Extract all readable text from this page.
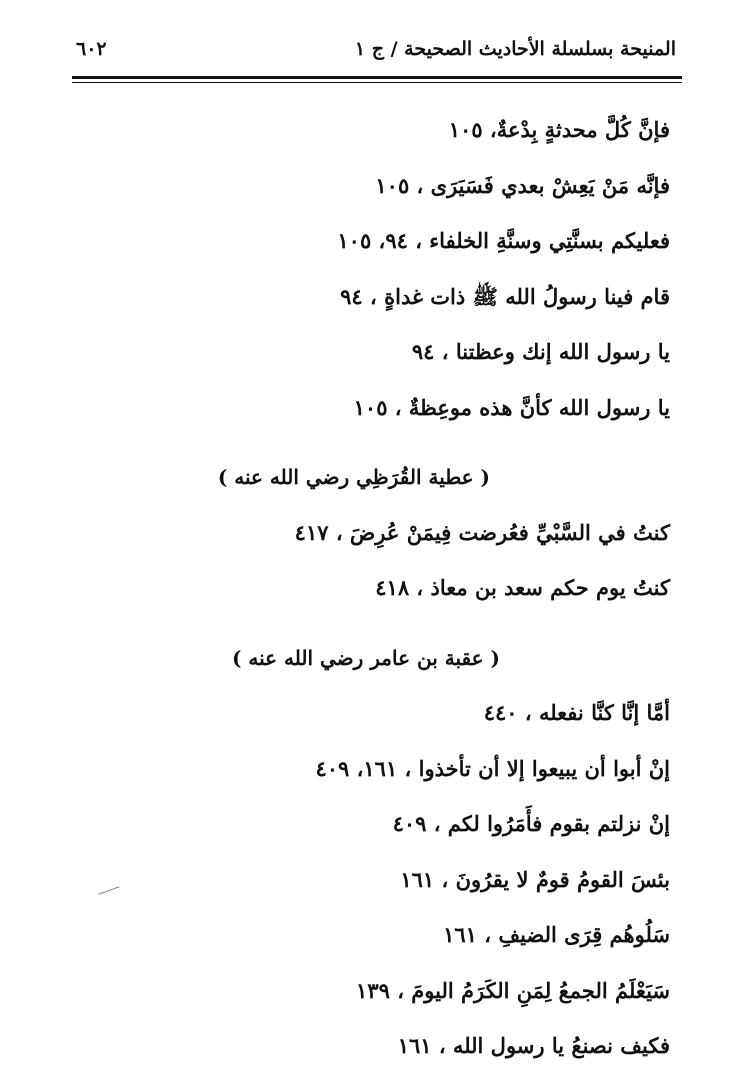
المنيحة بسلسلة الأحاديث الصحيحة / ج ١
٦٠٢
فإنَّ كُلَّ محدثةٍ بِدْعةٌ، ١٠٥
فإنَّه مَنْ يَعِشْ بعدي فَسَيَرَى ، ١٠٥
فعليكم بسنَّتِي وسنَّةِ الخلفاء ، ٩٤، ١٠٥
قام فينا رسولُ الله ﷺ ذات غداةٍ ، ٩٤
يا رسول الله إنك وعظتنا ، ٩٤
يا رسول الله كأنَّ هذه موعِظةٌ ، ١٠٥
( عطية القُرَظِي رضي الله عنه )
كنتُ في السَّبْيِّ فعُرضت فِيمَنْ عُرِضَ ، ٤١٧
كنتُ يوم حكم سعد بن معاذ ، ٤١٨
( عقبة بن عامر رضي الله عنه )
أمَّا إنَّا كنَّا نفعله ، ٤٤٠
إنْ أبوا أن يبيعوا إلا أن تأخذوا ، ١٦١، ٤٠٩
إنْ نزلتم بقوم فأَمَرُوا لكم ، ٤٠٩
بئسَ القومُ قومٌ لا يقرُونَ ، ١٦١
سَلُوهُم قِرَى الضيفِ ، ١٦١
سَيَعْلَمُ الجمعُ لِمَنِ الكَرَمُ اليومَ ، ١٣٩
فكيف نصنعُ يا رسول الله ، ١٦١
